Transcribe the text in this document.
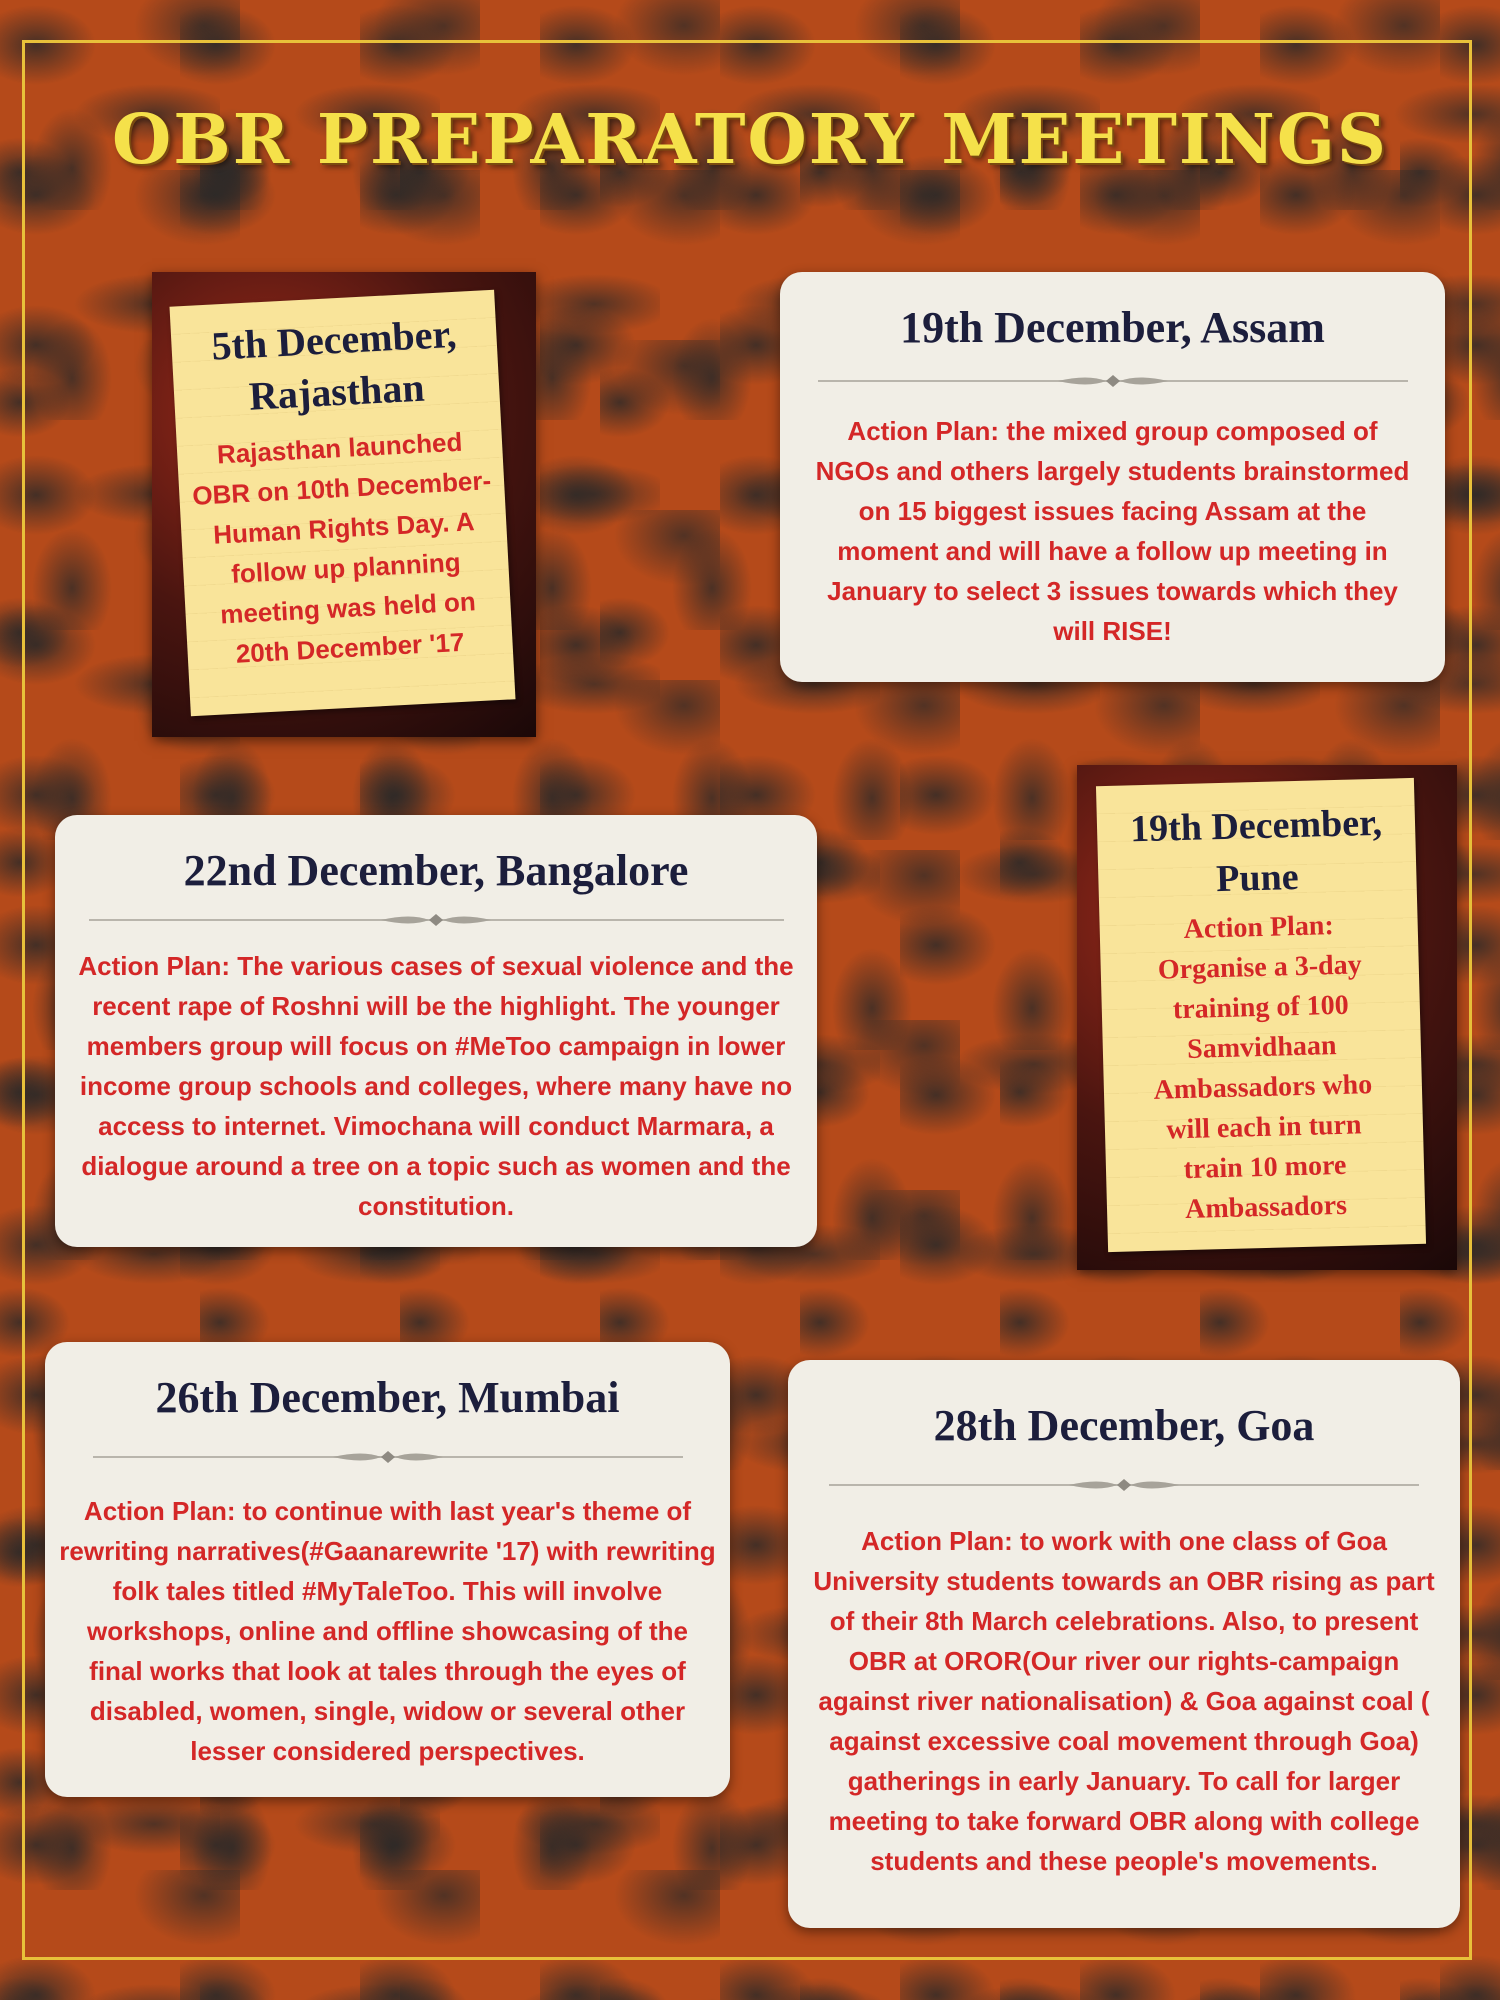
OBR PREPARATORY MEETINGS

5th December, Rajasthan

Rajasthan launched OBR on 10th December- Human Rights Day. A follow up planning meeting was held on 20th December '17

19th December, Assam

Action Plan: the mixed group composed of NGOs and others largely students brainstormed on 15 biggest issues facing Assam at the moment and will have a follow up meeting in January to select 3 issues towards which they will RISE!

22nd December, Bangalore

Action Plan: The various cases of sexual violence and the recent rape of Roshni will be the highlight. The younger members group will focus on #MeToo campaign in lower income group schools and colleges, where many have no access to internet. Vimochana will conduct Marmara, a dialogue around a tree on a topic such as women and the constitution.

19th December, Pune

Action Plan: Organise a 3-day training of 100 Samvidhaan Ambassadors who will each in turn train 10 more Ambassadors

26th December, Mumbai

Action Plan: to continue with last year's theme of rewriting narratives(#Gaanarewrite '17) with rewriting folk tales titled #MyTaleToo. This will involve workshops, online and offline showcasing of the final works that look at tales through the eyes of disabled, women, single, widow or several other lesser considered perspectives.

28th December, Goa

Action Plan: to work with one class of Goa University students towards an OBR rising as part of their 8th March celebrations. Also, to present OBR at OROR(Our river our rights-campaign against river nationalisation) & Goa against coal ( against excessive coal movement through Goa) gatherings in early January. To call for larger meeting to take forward OBR along with college students and these people's movements.
